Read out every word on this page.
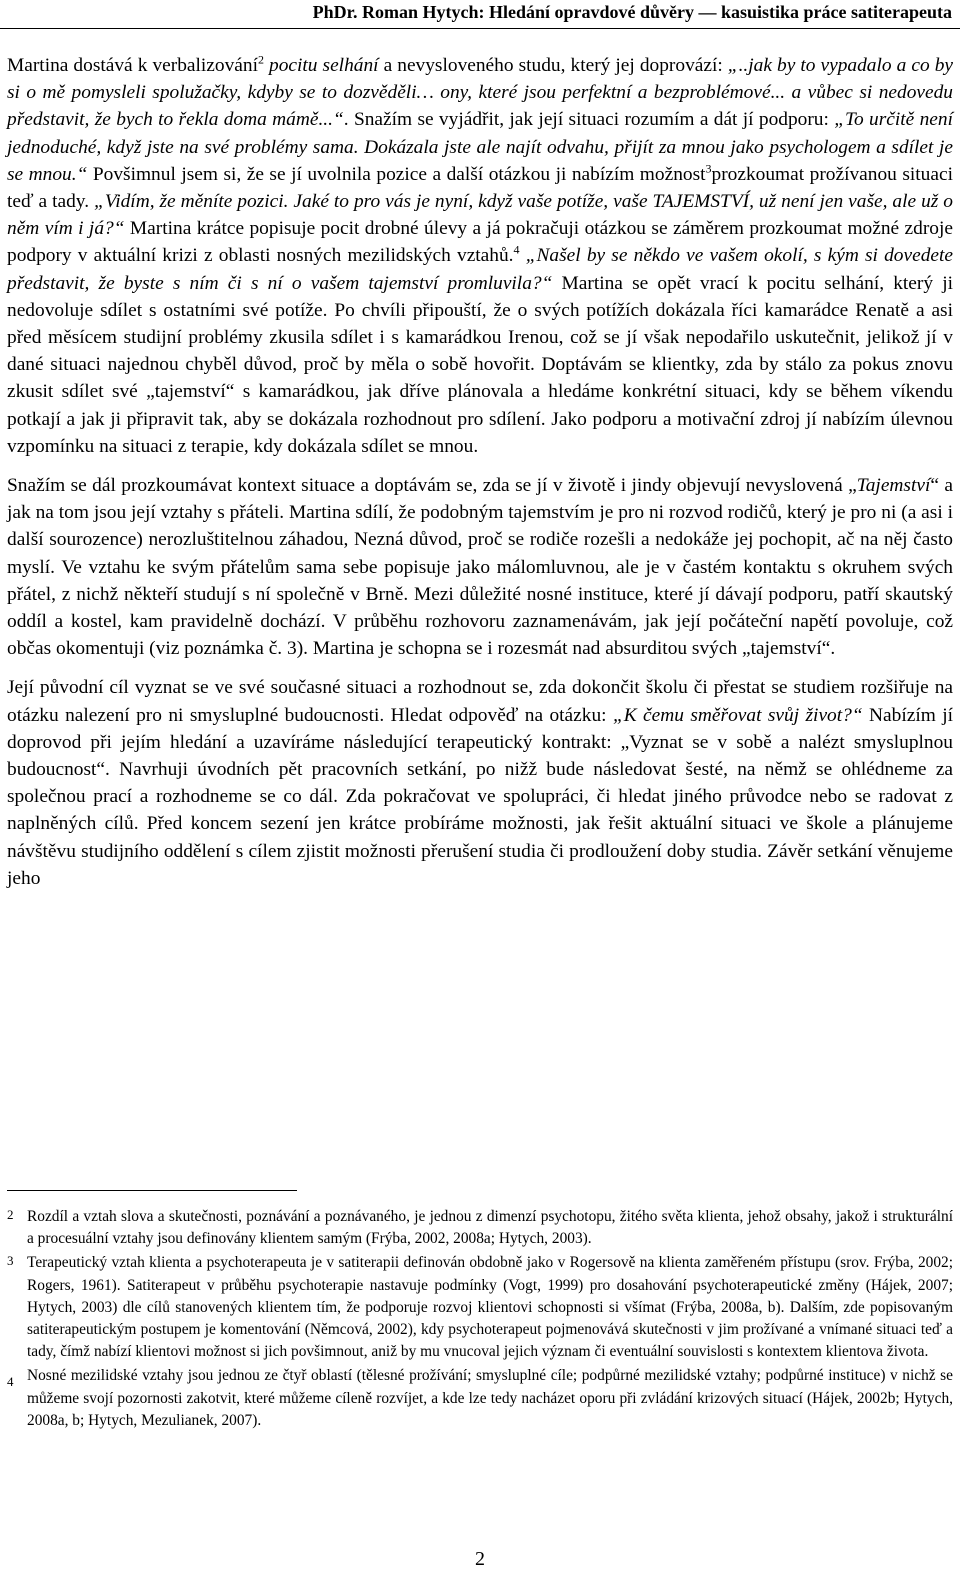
PhDr. Roman Hytych: Hledání opravdové důvěry — kasuistika práce satiterapeuta

Martina dostává k verbalizování$^2$ pocitu selhání a nevysloveného studu, který jej doprovází: „..jak by to vypadalo a co by si o mě pomysleli spolužačky, kdyby se to dozvěděli… ony, které jsou perfektní a bezproblémové... a vůbec si nedovedu představit, že bych to řekla doma mámě...“. Snažím se vyjádřit, jak její situaci rozumím a dát jí podporu: „To určitě není jednoduché, když jste na své problémy sama. Dokázala jste ale najít odvahu, přijít za mnou jako psychologem a sdílet je se mnou.“ Povšimnul jsem si, že se jí uvolnila pozice a další otázkou ji nabízím možnost$^3$prozkoumat prožívanou situaci teď a tady. „Vidím, že měníte pozici. Jaké to pro vás je nyní, když vaše potíže, vaše TAJEMSTVÍ, už není jen vaše, ale už o něm vím i já?“ Martina krátce popisuje pocit drobné úlevy a já pokračuji otázkou se záměrem prozkoumat možné zdroje podpory v aktuální krizi z oblasti nosných mezilidských vztahů.$^4$ „Našel by se někdo ve vašem okolí, s kým si dovedete představit, že byste s ním či s ní o vašem tajemství promluvila?“ Martina se opět vrací k pocitu selhání, který ji nedovoluje sdílet s ostatními své potíže. Po chvíli připouští, že o svých potížích dokázala říci kamarádce Renatě a asi před měsícem studijní problémy zkusila sdílet i s kamarádkou Irenou, což se jí však nepodařilo uskutečnit, jelikož jí v dané situaci najednou chyběl důvod, proč by měla o sobě hovořit. Doptávám se klientky, zda by stálo za pokus znovu zkusit sdílet své „tajemství“ s kamarádkou, jak dříve plánovala a hledáme konkrétní situaci, kdy se během víkendu potkají a jak ji připravit tak, aby se dokázala rozhodnout pro sdílení. Jako podporu a motivační zdroj jí nabízím úlevnou vzpomínku na situaci z terapie, kdy dokázala sdílet se mnou.

Snažím se dál prozkoumávat kontext situace a doptávám se, zda se jí v životě i jindy objevují nevyslovená „Tajemství“ a jak na tom jsou její vztahy s přáteli. Martina sdílí, že podobným tajemstvím je pro ni rozvod rodičů, který je pro ni (a asi i další sourozence) nerozluštitelnou záhadou, Nezná důvod, proč se rodiče rozešli a nedokáže jej pochopit, ač na něj často myslí. Ve vztahu ke svým přátelům sama sebe popisuje jako málomluvnou, ale je v častém kontaktu s okruhem svých přátel, z nichž někteří studují s ní společně v Brně. Mezi důležité nosné instituce, které jí dávají podporu, patří skautský oddíl a kostel, kam pravidelně dochází. V průběhu rozhovoru zaznamenávám, jak její počáteční napětí povoluje, což občas okomentuji (viz poznámka č. 3). Martina je schopna se i rozesmát nad absurditou svých „tajemství“.

Její původní cíl vyznat se ve své současné situaci a rozhodnout se, zda dokončit školu či přestat se studiem rozšiřuje na otázku nalezení pro ni smysluplné budoucnosti. Hledat odpověď na otázku: „K čemu směřovat svůj život?“ Nabízím jí doprovod při jejím hledání a uzavíráme následující terapeutický kontrakt: „Vyznat se v sobě a nalézt smysluplnou budoucnost“. Navrhuji úvodních pět pracovních setkání, po nižž bude následovat šesté, na němž se ohlédneme za společnou prací a rozhodneme se co dál. Zda pokračovat ve spolupráci, či hledat jiného průvodce nebo se radovat z naplněných cílů. Před koncem sezení jen krátce probíráme možnosti, jak řešit aktuální situaci ve škole a plánujeme návštěvu studijního oddělení s cílem zjistit možnosti přerušení studia či prodloužení doby studia. Závěr setkání věnujeme jeho

2 Rozdíl a vztah slova a skutečnosti, poznávání a poznávaného, je jednou z dimenzí psychotopu, žitého světa klienta, jehož obsahy, jakož i strukturální a procesuální vztahy jsou definovány klientem samým (Frýba, 2002, 2008a; Hytych, 2003).
3 Terapeutický vztah klienta a psychoterapeuta je v satiterapii definován obdobně jako v Rogersově na klienta zaměřeném přístupu (srov. Frýba, 2002; Rogers, 1961). Satiterapeut v průběhu psychoterapie nastavuje podmínky (Vogt, 1999) pro dosahování psychoterapeutické změny (Hájek, 2007; Hytych, 2003) dle cílů stanovených klientem tím, že podporuje rozvoj klientovi schopnosti si všímat (Frýba, 2008a, b). Dalším, zde popisovaným satiterapeutickým postupem je komentování (Němcová, 2002), kdy psychoterapeut pojmenovává skutečnosti v jim prožívané a vnímané situaci teď a tady, čímž nabízí klientovi možnost si jich povšimnout, aniž by mu vnucoval jejich význam či eventuální souvislosti s kontextem klientova života.
4 Nosné mezilidské vztahy jsou jednou ze čtyř oblastí (tělesné prožívání; smysluplné cíle; podpůrné mezilidské vztahy; podpůrné instituce) v nichž se můžeme svojí pozornosti zakotvit, které můžeme cíleně rozvíjet, a kde lze tedy nacházet oporu při zvládání krizových situací (Hájek, 2002b; Hytych, 2008a, b; Hytych, Mezulianek, 2007).
2
